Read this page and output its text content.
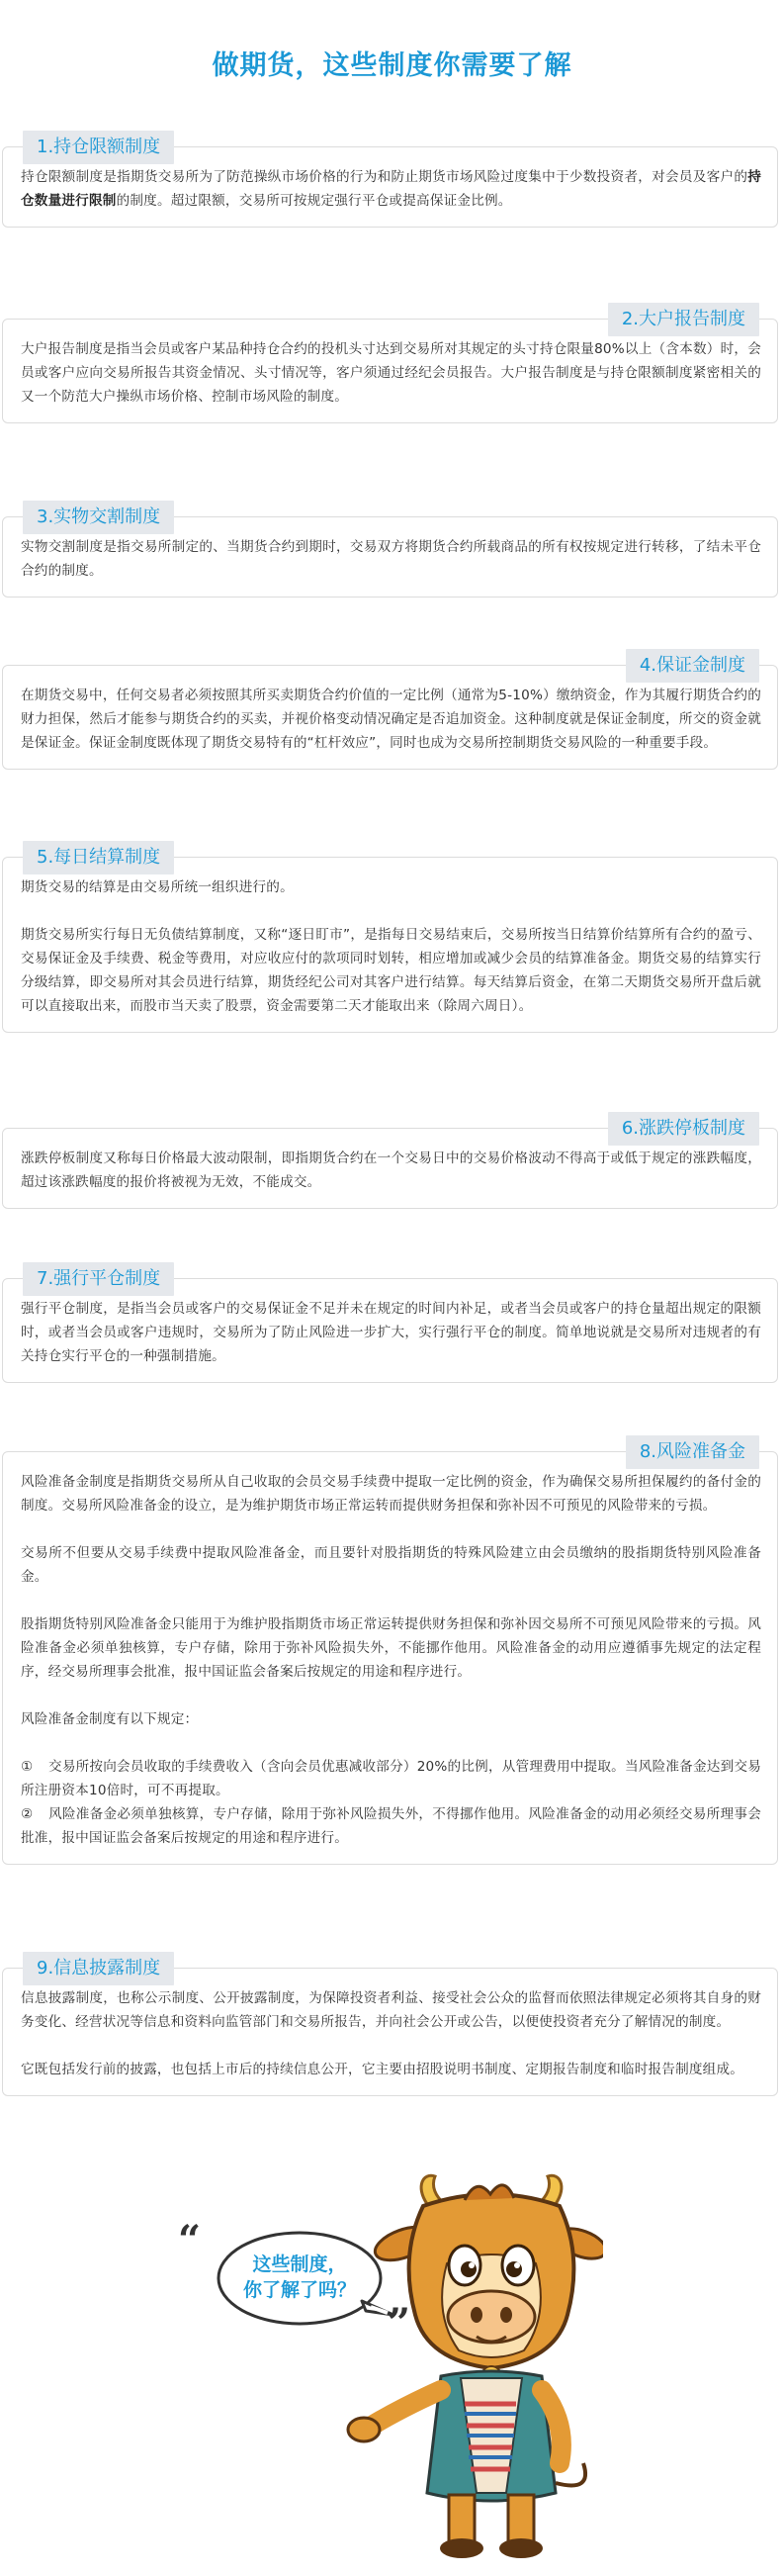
做期货，这些制度你需要了解
1.持仓限额制度

持仓限额制度是指期货交易所为了防范操纵市场价格的行为和防止期货市场风险过度集中于少数投资者，对会员及客户的持仓数量进行限制的制度。超过限额，交易所可按规定强行平仓或提高保证金比例。

2.大户报告制度

大户报告制度是指当会员或客户某品种持仓合约的投机头寸达到交易所对其规定的头寸持仓限量80%以上（含本数）时，会员或客户应向交易所报告其资金情况、头寸情况等，客户须通过经纪会员报告。大户报告制度是与持仓限额制度紧密相关的又一个防范大户操纵市场价格、控制市场风险的制度。

3.实物交割制度

实物交割制度是指交易所制定的、当期货合约到期时，交易双方将期货合约所载商品的所有权按规定进行转移，了结未平仓合约的制度。

4.保证金制度

在期货交易中，任何交易者必须按照其所买卖期货合约价值的一定比例（通常为5-10%）缴纳资金，作为其履行期货合约的财力担保，然后才能参与期货合约的买卖，并视价格变动情况确定是否追加资金。这种制度就是保证金制度，所交的资金就是保证金。保证金制度既体现了期货交易特有的“杠杆效应”，同时也成为交易所控制期货交易风险的一种重要手段。

5.每日结算制度

期货交易的结算是由交易所统一组织进行的。

期货交易所实行每日无负债结算制度，又称“逐日盯市”，是指每日交易结束后，交易所按当日结算价结算所有合约的盈亏、交易保证金及手续费、税金等费用，对应收应付的款项同时划转，相应增加或减少会员的结算准备金。期货交易的结算实行分级结算，即交易所对其会员进行结算，期货经纪公司对其客户进行结算。每天结算后资金，在第二天期货交易所开盘后就可以直接取出来，而股市当天卖了股票，资金需要第二天才能取出来（除周六周日）。

6.涨跌停板制度

涨跌停板制度又称每日价格最大波动限制，即指期货合约在一个交易日中的交易价格波动不得高于或低于规定的涨跌幅度，超过该涨跌幅度的报价将被视为无效，不能成交。

7.强行平仓制度

强行平仓制度，是指当会员或客户的交易保证金不足并未在规定的时间内补足，或者当会员或客户的持仓量超出规定的限额时，或者当会员或客户违规时，交易所为了防止风险进一步扩大，实行强行平仓的制度。简单地说就是交易所对违规者的有关持仓实行平仓的一种强制措施。

8.风险准备金

风险准备金制度是指期货交易所从自己收取的会员交易手续费中提取一定比例的资金，作为确保交易所担保履约的备付金的制度。交易所风险准备金的设立，是为维护期货市场正常运转而提供财务担保和弥补因不可预见的风险带来的亏损。

交易所不但要从交易手续费中提取风险准备金，而且要针对股指期货的特殊风险建立由会员缴纳的股指期货特别风险准备金。

股指期货特别风险准备金只能用于为维护股指期货市场正常运转提供财务担保和弥补因交易所不可预见风险带来的亏损。风险准备金必须单独核算，专户存储，除用于弥补风险损失外，不能挪作他用。风险准备金的动用应遵循事先规定的法定程序，经交易所理事会批准，报中国证监会备案后按规定的用途和程序进行。

风险准备金制度有以下规定：

① 交易所按向会员收取的手续费收入（含向会员优惠减收部分）20%的比例，从管理费用中提取。当风险准备金达到交易所注册资本10倍时，可不再提取。

② 风险准备金必须单独核算，专户存储，除用于弥补风险损失外，不得挪作他用。风险准备金的动用必须经交易所理事会批准，报中国证监会备案后按规定的用途和程序进行。

9.信息披露制度

信息披露制度，也称公示制度、公开披露制度，为保障投资者利益、接受社会公众的监督而依照法律规定必须将其自身的财务变化、经营状况等信息和资料向监管部门和交易所报告，并向社会公开或公告，以便使投资者充分了解情况的制度。

它既包括发行前的披露，也包括上市后的持续信息公开，它主要由招股说明书制度、定期报告制度和临时报告制度组成。

“
”
这些制度，
你了解了吗？
